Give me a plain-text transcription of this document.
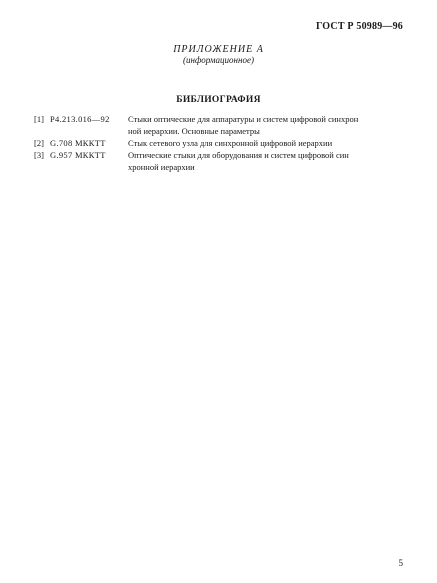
ГОСТ Р 50989—96
ПРИЛОЖЕНИЕ А
(информационное)
БИБЛИОГРАФИЯ
[1] Р4.213.016—92	Стыки оптические для аппаратуры и систем цифровой синхрон
ной иерархии. Основные параметры
[2] G.708 МККТТ	Стык сетевого узла для синхронной цифровой иерархии
[3] G.957 МККТТ	Оптические стыки для оборудования и систем цифровой син
хронной иерархии
5
